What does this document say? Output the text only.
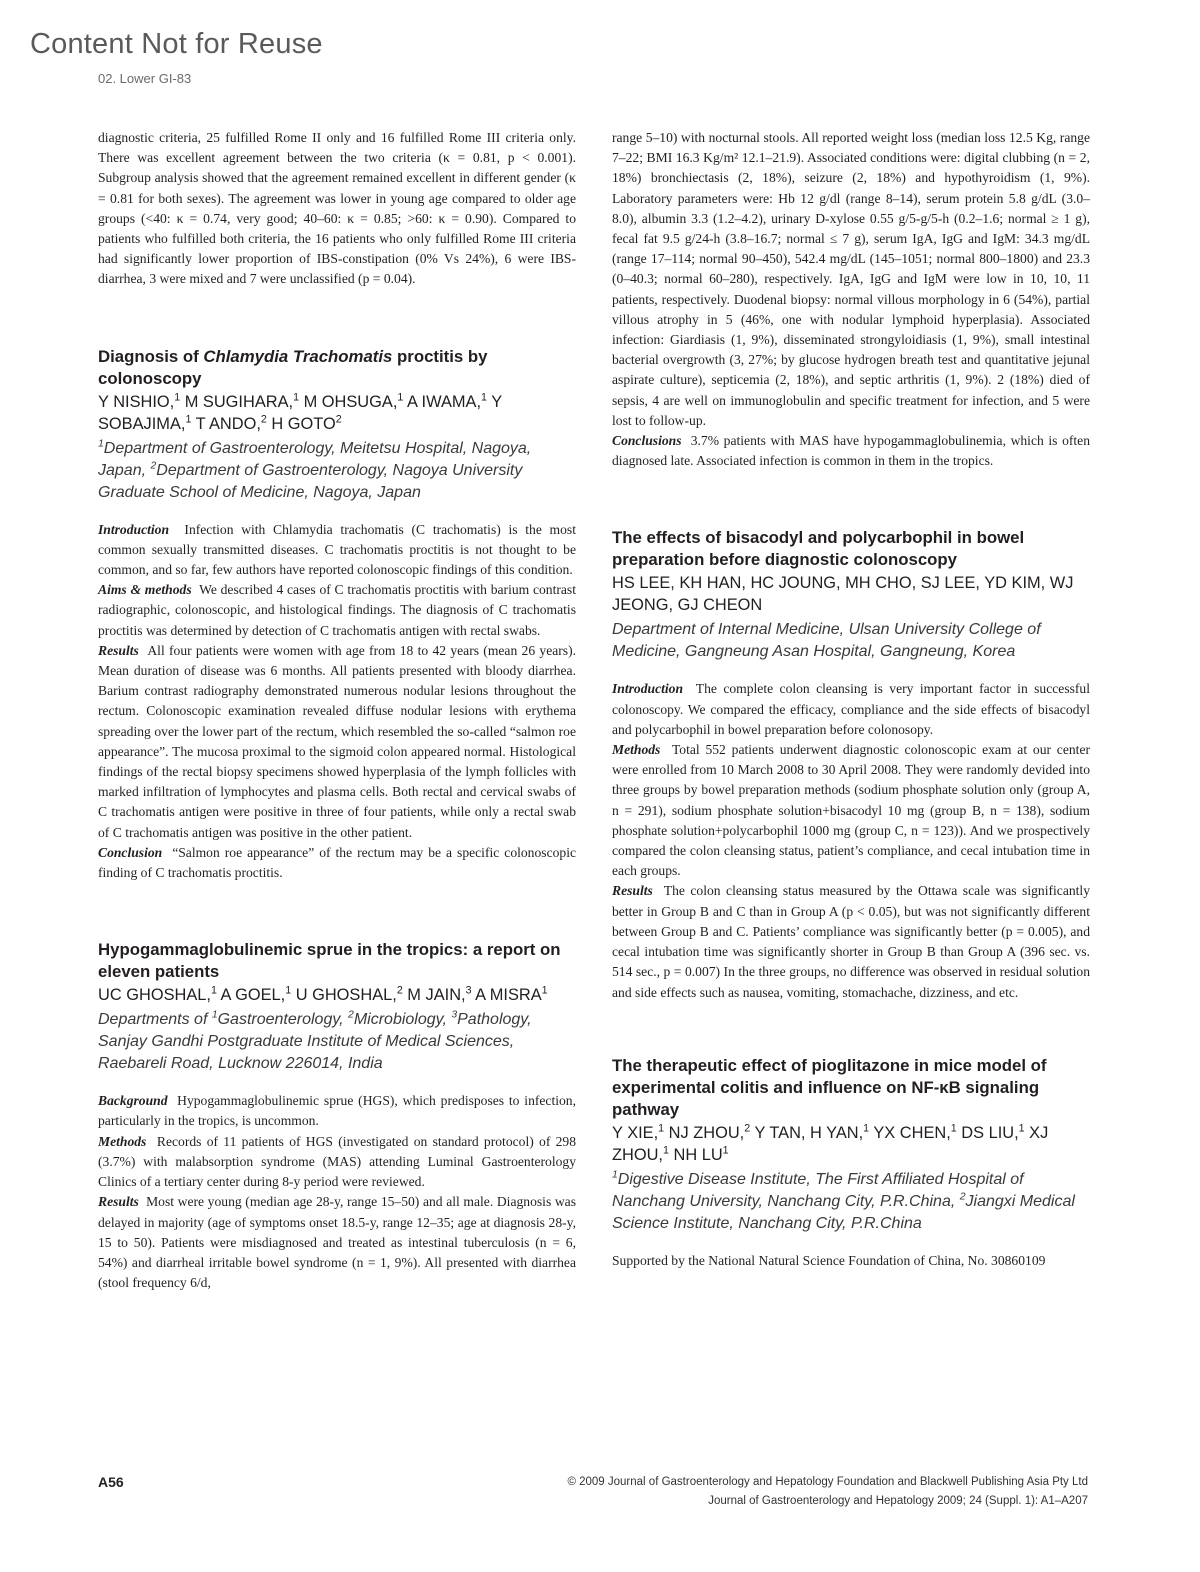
Content Not for Reuse
02. Lower GI-83

diagnostic criteria, 25 fulfilled Rome II only and 16 fulfilled Rome III criteria only. There was excellent agreement between the two criteria (κ = 0.81, p < 0.001). Subgroup analysis showed that the agreement remained excellent in different gender (κ = 0.81 for both sexes). The agreement was lower in young age compared to older age groups (<40: κ = 0.74, very good; 40–60: κ = 0.85; >60: κ = 0.90). Compared to patients who fulfilled both criteria, the 16 patients who only fulfilled Rome III criteria had significantly lower proportion of IBS-constipation (0% Vs 24%), 6 were IBS-diarrhea, 3 were mixed and 7 were unclassified (p = 0.04).

Diagnosis of Chlamydia Trachomatis proctitis by colonoscopy
Y NISHIO,$^1$ M SUGIHARA,$^1$ M OHSUGA,$^1$ A IWAMA,$^1$ Y SOBAJIMA,$^1$ T ANDO,$^2$ H GOTO$^2$
$^1$Department of Gastroenterology, Meitetsu Hospital, Nagoya, Japan, $^2$Department of Gastroenterology, Nagoya University Graduate School of Medicine, Nagoya, Japan

Introduction Infection with Chlamydia trachomatis (C trachomatis) is the most common sexually transmitted diseases. C trachomatis proctitis is not thought to be common, and so far, few authors have reported colonoscopic findings of this condition.

Aims & methods We described 4 cases of C trachomatis proctitis with barium contrast radiographic, colonoscopic, and histological findings. The diagnosis of C trachomatis proctitis was determined by detection of C trachomatis antigen with rectal swabs.

Results All four patients were women with age from 18 to 42 years (mean 26 years). Mean duration of disease was 6 months. All patients presented with bloody diarrhea. Barium contrast radiography demonstrated numerous nodular lesions throughout the rectum. Colonoscopic examination revealed diffuse nodular lesions with erythema spreading over the lower part of the rectum, which resembled the so-called “salmon roe appearance”. The mucosa proximal to the sigmoid colon appeared normal. Histological findings of the rectal biopsy specimens showed hyperplasia of the lymph follicles with marked infiltration of lymphocytes and plasma cells. Both rectal and cervical swabs of C trachomatis antigen were positive in three of four patients, while only a rectal swab of C trachomatis antigen was positive in the other patient.

Conclusion “Salmon roe appearance” of the rectum may be a specific colonoscopic finding of C trachomatis proctitis.

Hypogammaglobulinemic sprue in the tropics: a report on eleven patients
UC GHOSHAL,$^1$ A GOEL,$^1$ U GHOSHAL,$^2$ M JAIN,$^3$ A MISRA$^1$
Departments of $^1$Gastroenterology, $^2$Microbiology, $^3$Pathology, Sanjay Gandhi Postgraduate Institute of Medical Sciences, Raebareli Road, Lucknow 226014, India

Background Hypogammaglobulinemic sprue (HGS), which predisposes to infection, particularly in the tropics, is uncommon.

Methods Records of 11 patients of HGS (investigated on standard protocol) of 298 (3.7%) with malabsorption syndrome (MAS) attending Luminal Gastroenterology Clinics of a tertiary center during 8-y period were reviewed.

Results Most were young (median age 28-y, range 15–50) and all male. Diagnosis was delayed in majority (age of symptoms onset 18.5-y, range 12–35; age at diagnosis 28-y, 15 to 50). Patients were misdiagnosed and treated as intestinal tuberculosis (n = 6, 54%) and diarrheal irritable bowel syndrome (n = 1, 9%). All presented with diarrhea (stool frequency 6/d,

range 5–10) with nocturnal stools. All reported weight loss (median loss 12.5 Kg, range 7–22; BMI 16.3 Kg/m² 12.1–21.9). Associated conditions were: digital clubbing (n = 2, 18%) bronchiectasis (2, 18%), seizure (2, 18%) and hypothyroidism (1, 9%). Laboratory parameters were: Hb 12 g/dl (range 8–14), serum protein 5.8 g/dL (3.0–8.0), albumin 3.3 (1.2–4.2), urinary D-xylose 0.55 g/5-g/5-h (0.2–1.6; normal ≥ 1 g), fecal fat 9.5 g/24-h (3.8–16.7; normal ≤ 7 g), serum IgA, IgG and IgM: 34.3 mg/dL (range 17–114; normal 90–450), 542.4 mg/dL (145–1051; normal 800–1800) and 23.3 (0–40.3; normal 60–280), respectively. IgA, IgG and IgM were low in 10, 10, 11 patients, respectively. Duodenal biopsy: normal villous morphology in 6 (54%), partial villous atrophy in 5 (46%, one with nodular lymphoid hyperplasia). Associated infection: Giardiasis (1, 9%), disseminated strongyloidiasis (1, 9%), small intestinal bacterial overgrowth (3, 27%; by glucose hydrogen breath test and quantitative jejunal aspirate culture), septicemia (2, 18%), and septic arthritis (1, 9%). 2 (18%) died of sepsis, 4 are well on immunoglobulin and specific treatment for infection, and 5 were lost to follow-up.

Conclusions 3.7% patients with MAS have hypogammaglobulinemia, which is often diagnosed late. Associated infection is common in them in the tropics.

The effects of bisacodyl and polycarbophil in bowel preparation before diagnostic colonoscopy
HS LEE, KH HAN, HC JOUNG, MH CHO, SJ LEE, YD KIM, WJ JEONG, GJ CHEON
Department of Internal Medicine, Ulsan University College of Medicine, Gangneung Asan Hospital, Gangneung, Korea

Introduction The complete colon cleansing is very important factor in successful colonoscopy. We compared the efficacy, compliance and the side effects of bisacodyl and polycarbophil in bowel preparation before colonosopy.

Methods Total 552 patients underwent diagnostic colonoscopic exam at our center were enrolled from 10 March 2008 to 30 April 2008. They were randomly devided into three groups by bowel preparation methods (sodium phosphate solution only (group A, n = 291), sodium phosphate solution+bisacodyl 10 mg (group B, n = 138), sodium phosphate solution+polycarbophil 1000 mg (group C, n = 123)). And we prospectively compared the colon cleansing status, patient’s compliance, and cecal intubation time in each groups.

Results The colon cleansing status measured by the Ottawa scale was significantly better in Group B and C than in Group A (p < 0.05), but was not significantly different between Group B and C. Patients’ compliance was significantly better (p = 0.005), and cecal intubation time was significantly shorter in Group B than Group A (396 sec. vs. 514 sec., p = 0.007) In the three groups, no difference was observed in residual solution and side effects such as nausea, vomiting, stomachache, dizziness, and etc.

The therapeutic effect of pioglitazone in mice model of experimental colitis and influence on NF-κB signaling pathway
Y XIE,$^1$ NJ ZHOU,$^2$ Y TAN, H YAN,$^1$ YX CHEN,$^1$ DS LIU,$^1$ XJ ZHOU,$^1$ NH $LU^1$
$^1$Digestive Disease Institute, The First Affiliated Hospital of Nanchang University, Nanchang City, P.R.China, $^2$Jiangxi Medical Science Institute, Nanchang City, P.R.China

Supported by the National Natural Science Foundation of China, No. 30860109

A56	© 2009 Journal of Gastroenterology and Hepatology Foundation and Blackwell Publishing Asia Pty Ltd
Journal of Gastroenterology and Hepatology 2009; 24 (Suppl. 1): A1–A207
